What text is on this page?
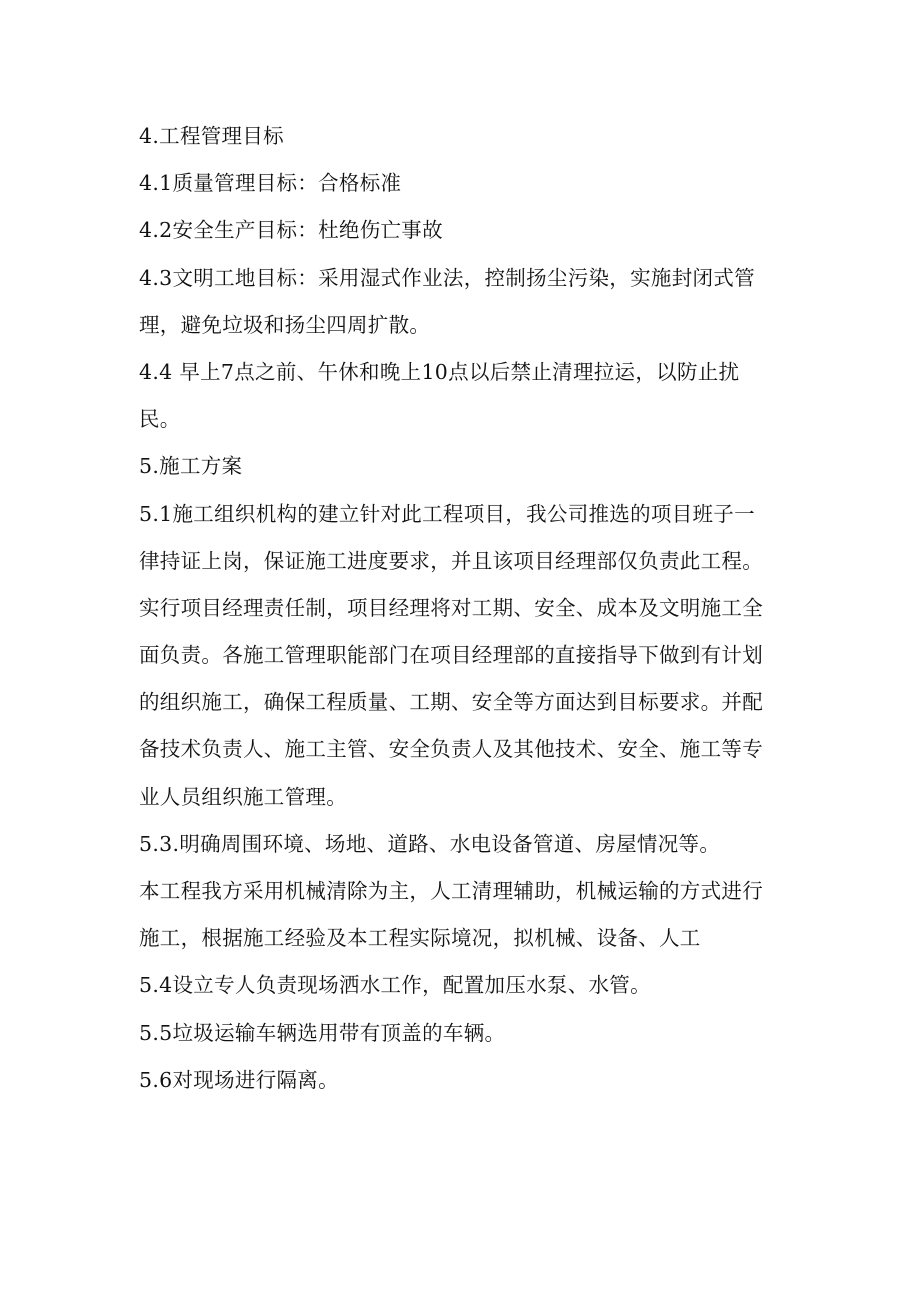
4.工程管理目标
4.1质量管理目标：合格标准
4.2安全生产目标：杜绝伤亡事故
4.3文明工地目标：采用湿式作业法，控制扬尘污染，实施封闭式管
理，避免垃圾和扬尘四周扩散。
4.4 早上7点之前、午休和晚上10点以后禁止清理拉运，以防止扰
民。
5.施工方案
5.1施工组织机构的建立针对此工程项目，我公司推选的项目班子一
律持证上岗，保证施工进度要求，并且该项目经理部仅负责此工程。
实行项目经理责任制，项目经理将对工期、安全、成本及文明施工全
面负责。各施工管理职能部门在项目经理部的直接指导下做到有计划
的组织施工，确保工程质量、工期、安全等方面达到目标要求。并配
备技术负责人、施工主管、安全负责人及其他技术、安全、施工等专
业人员组织施工管理。
5.3.明确周围环境、场地、道路、水电设备管道、房屋情况等。
本工程我方采用机械清除为主，人工清理辅助，机械运输的方式进行
施工，根据施工经验及本工程实际境况，拟机械、设备、人工
5.4设立专人负责现场洒水工作，配置加压水泵、水管。
5.5垃圾运输车辆选用带有顶盖的车辆。
5.6对现场进行隔离。
